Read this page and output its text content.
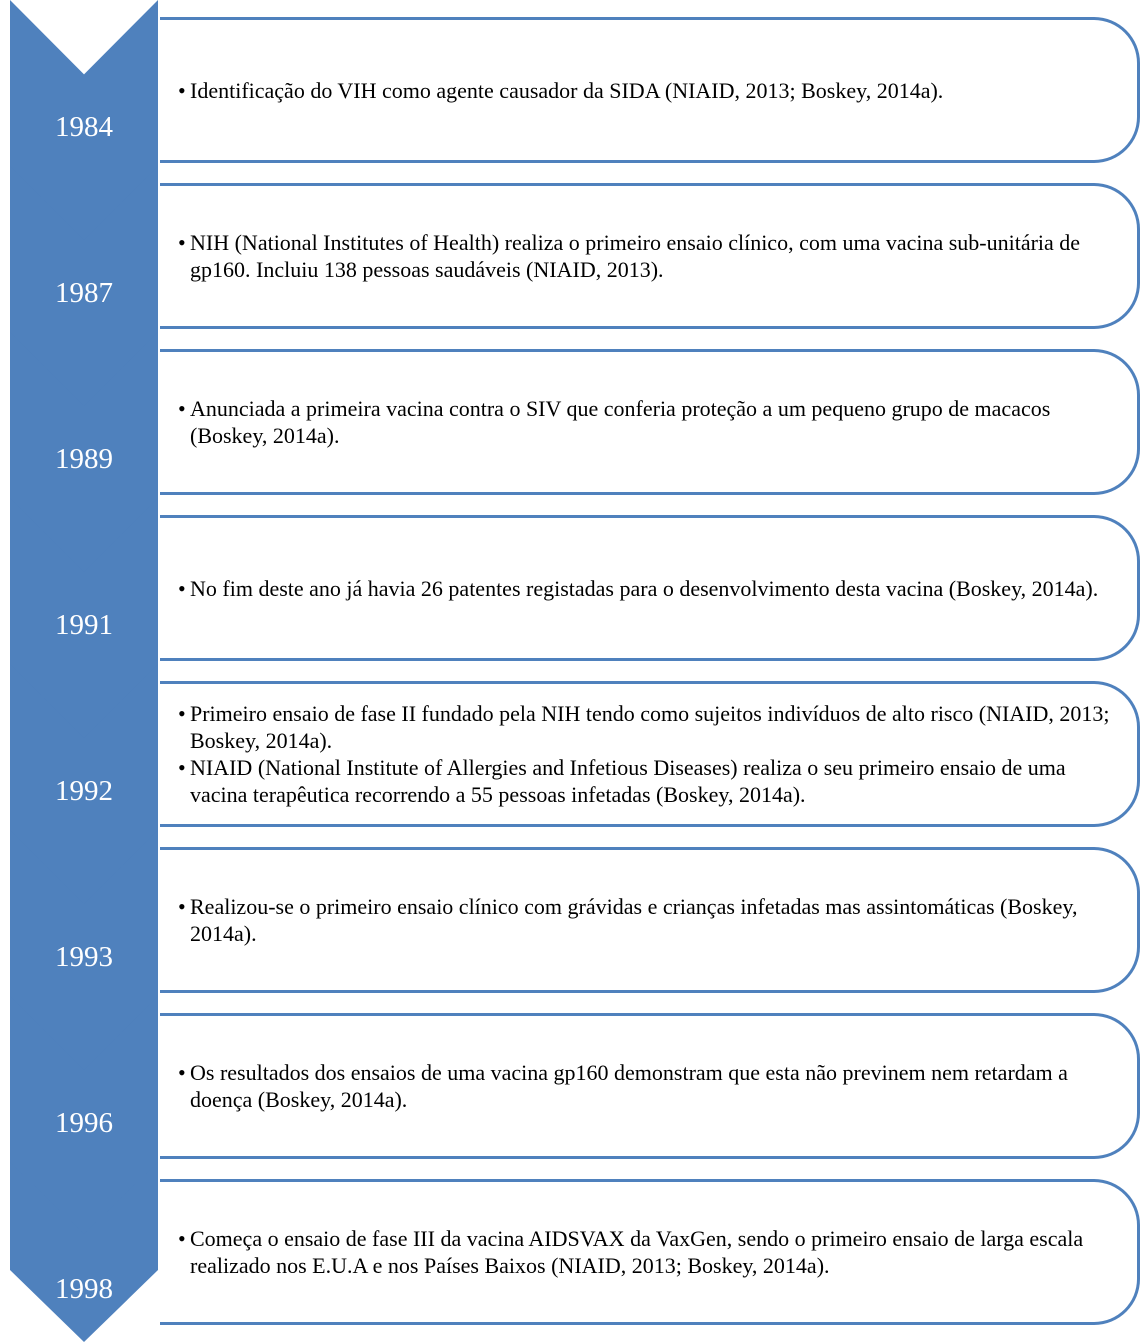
• Identificação do VIH como agente causador da SIDA (NIAID, 2013; Boskey, 2014a).
1984
• NIH (National Institutes of Health) realiza o primeiro ensaio clínico, com uma vacina sub-unitária de gp160. Incluiu 138 pessoas saudáveis (NIAID, 2013).
1987
• Anunciada a primeira vacina contra o SIV que conferia proteção a um pequeno grupo de macacos (Boskey, 2014a).
1989
• No fim deste ano já havia 26 patentes registadas para o desenvolvimento desta vacina (Boskey, 2014a).
1991
• Primeiro ensaio de fase II fundado pela NIH tendo como sujeitos indivíduos de alto risco (NIAID, 2013; Boskey, 2014a).
• NIAID (National Institute of Allergies and Infetious Diseases) realiza o seu primeiro ensaio de uma vacina terapêutica recorrendo a 55 pessoas infetadas (Boskey, 2014a).
1992
• Realizou-se o primeiro ensaio clínico com grávidas e crianças infetadas mas assintomáticas (Boskey, 2014a).
1993
• Os resultados dos ensaios de uma vacina gp160 demonstram que esta não previnem nem retardam a doença (Boskey, 2014a).
1996
• Começa o ensaio de fase III da vacina AIDSVAX da VaxGen, sendo o primeiro ensaio de larga escala realizado nos E.U.A e nos Países Baixos (NIAID, 2013; Boskey, 2014a).
1998
